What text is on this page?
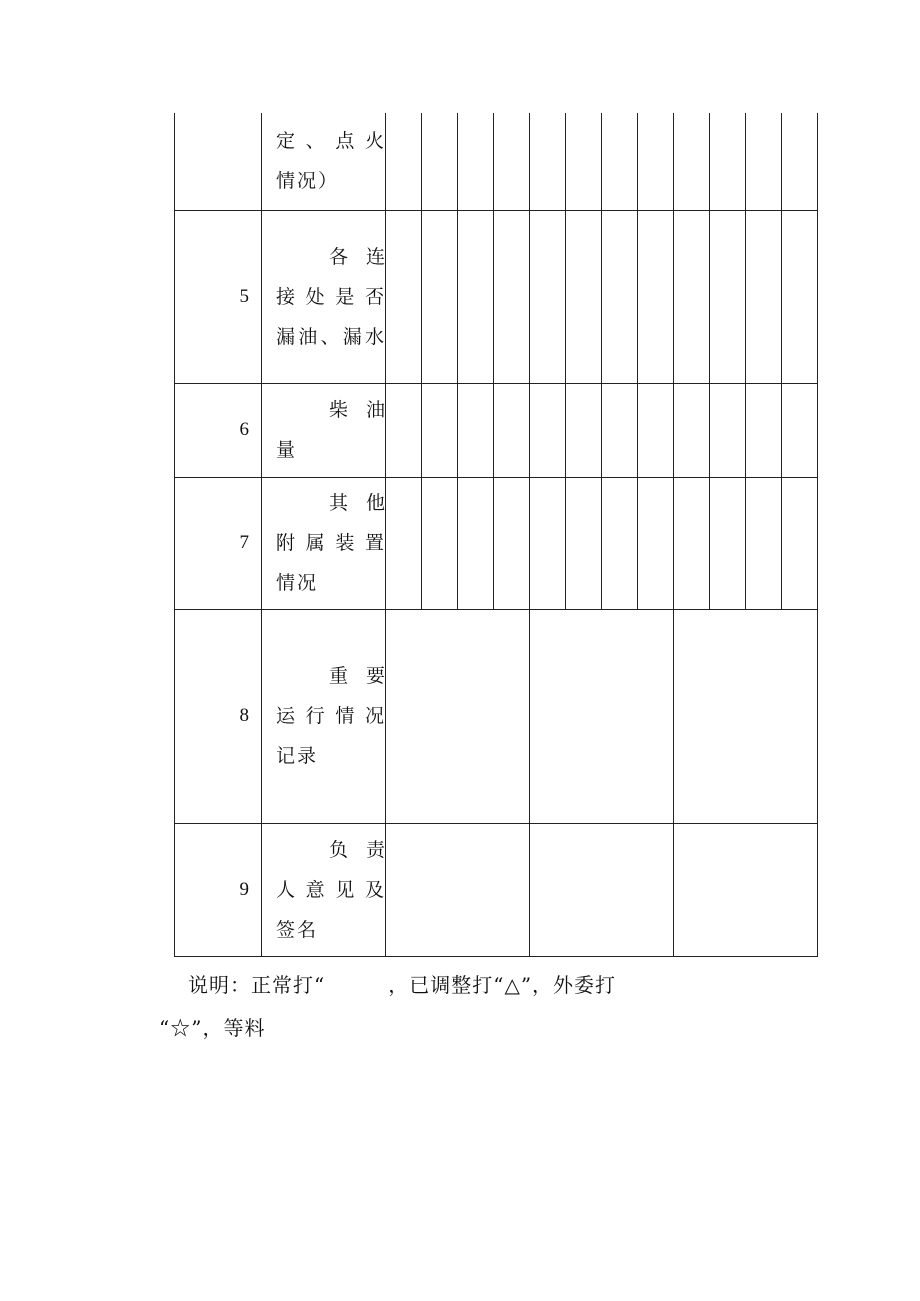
	定、点火
情况）												

5	各连
接处是否
漏油、漏水												

6	柴油
量												

7	其他
附属装置
情况												

8	重要
运行情况
记录												

9	负责
人意见及
签名												

说明：正常打“　　　，已调整打“△”，外委打
“☆”，等料
